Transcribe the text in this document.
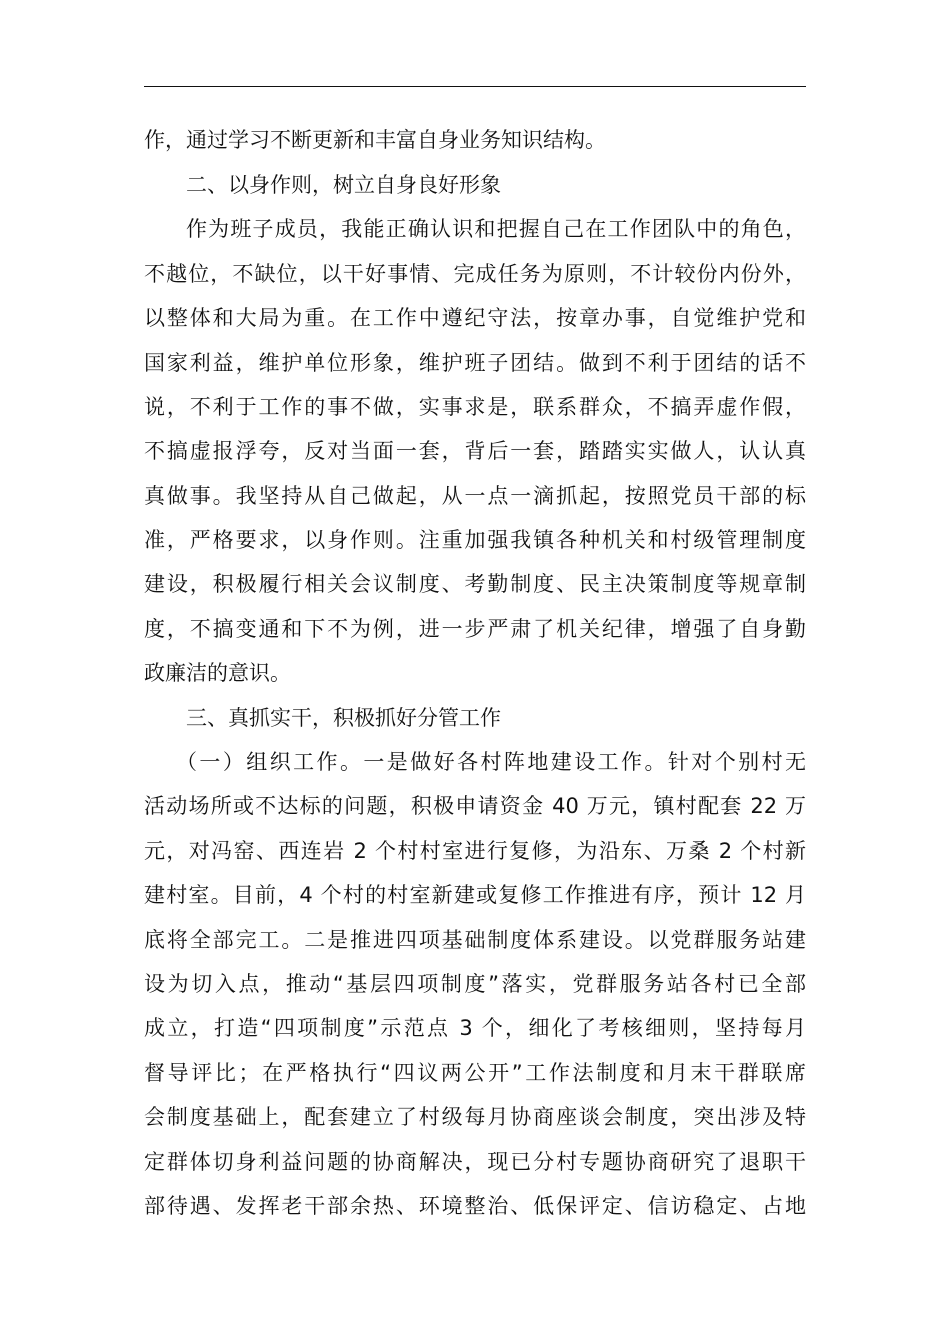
作，通过学习不断更新和丰富自身业务知识结构。
二、以身作则，树立自身良好形象
作为班子成员，我能正确认识和把握自己在工作团队中的角色，
不越位，不缺位，以干好事情、完成任务为原则，不计较份内份外，
以整体和大局为重。在工作中遵纪守法，按章办事，自觉维护党和
国家利益，维护单位形象，维护班子团结。做到不利于团结的话不
说，不利于工作的事不做，实事求是，联系群众，不搞弄虚作假，
不搞虚报浮夸，反对当面一套，背后一套，踏踏实实做人，认认真
真做事。我坚持从自己做起，从一点一滴抓起，按照党员干部的标
准，严格要求，以身作则。注重加强我镇各种机关和村级管理制度
建设，积极履行相关会议制度、考勤制度、民主决策制度等规章制
度，不搞变通和下不为例，进一步严肃了机关纪律，增强了自身勤
政廉洁的意识。
三、真抓实干，积极抓好分管工作
（一）组织工作。一是做好各村阵地建设工作。针对个别村无
活动场所或不达标的问题，积极申请资金 40 万元，镇村配套 22 万
元，对冯窑、西连岩 2 个村村室进行复修，为沿东、万桑 2 个村新
建村室。目前，4 个村的村室新建或复修工作推进有序，预计 12 月
底将全部完工。二是推进四项基础制度体系建设。以党群服务站建
设为切入点，推动“基层四项制度”落实，党群服务站各村已全部
成立，打造“四项制度”示范点 3 个，细化了考核细则，坚持每月
督导评比；在严格执行“四议两公开”工作法制度和月末干群联席
会制度基础上，配套建立了村级每月协商座谈会制度，突出涉及特
定群体切身利益问题的协商解决，现已分村专题协商研究了退职干
部待遇、发挥老干部余热、环境整治、低保评定、信访稳定、占地
